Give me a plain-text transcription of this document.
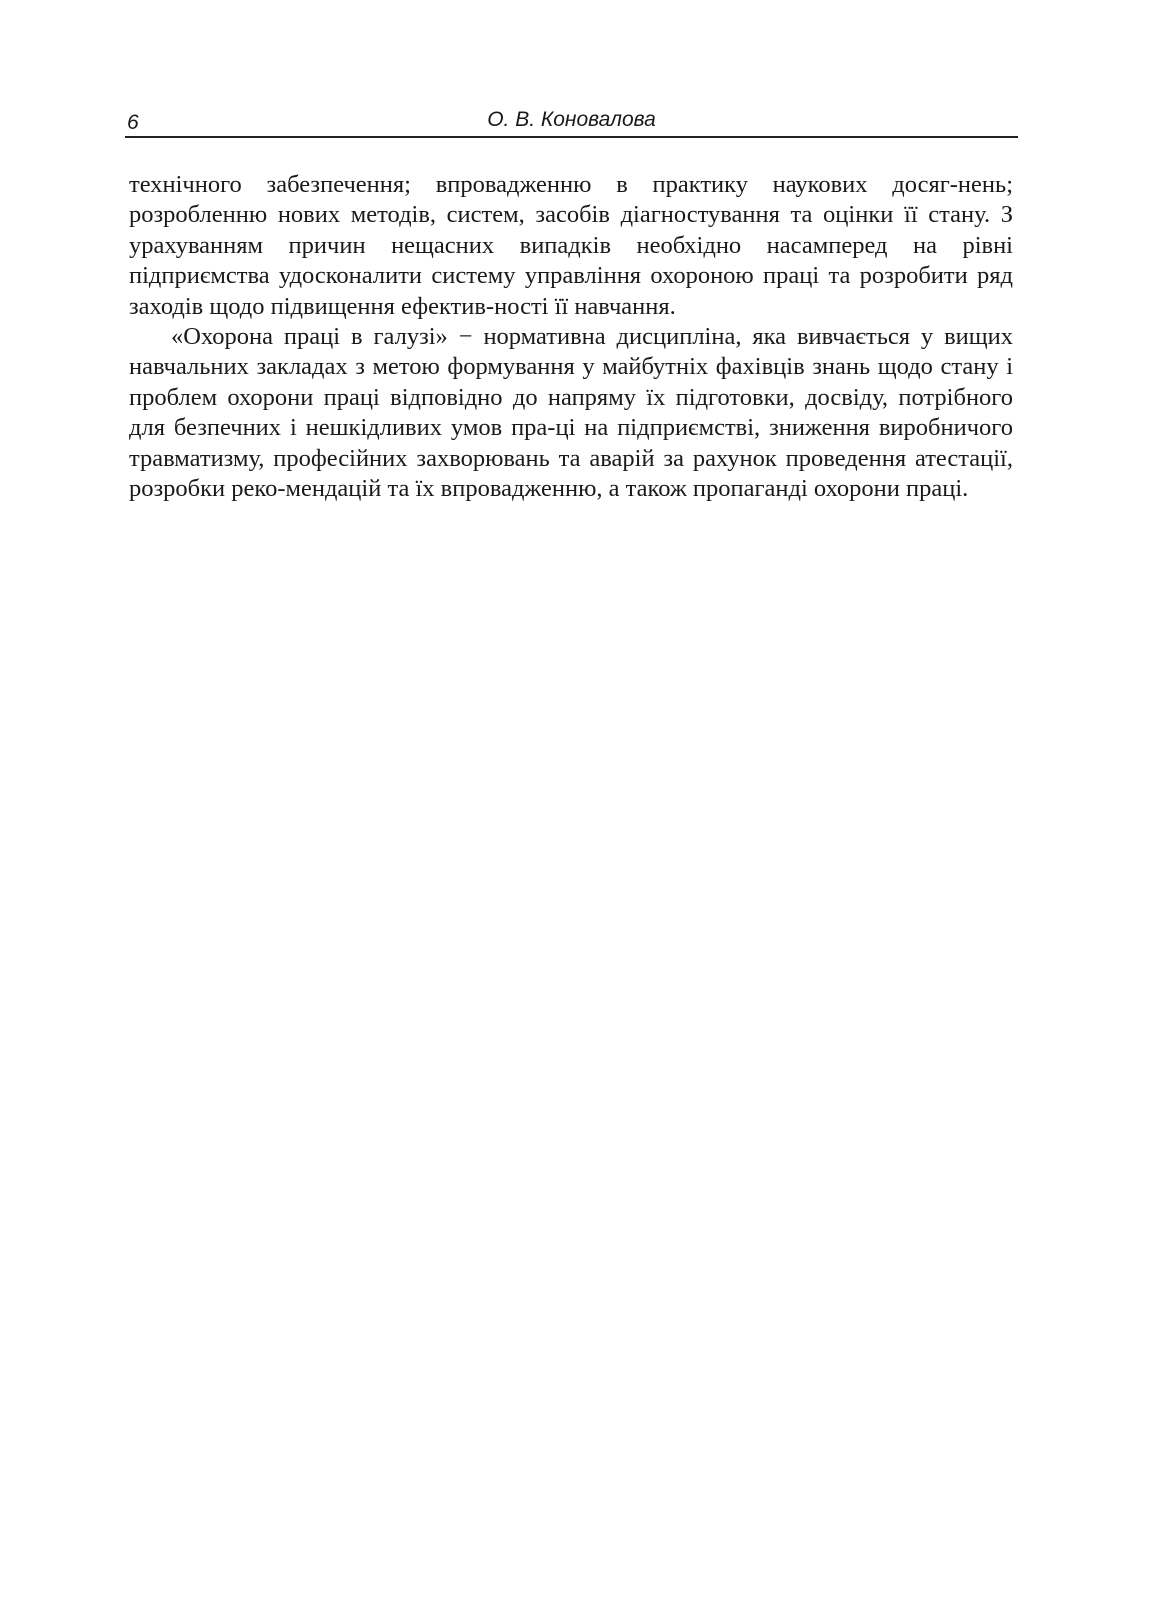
6	О. В. Коновалова

технічного забезпечення; впровадженню в практику наукових досяг-нень; розробленню нових методів, систем, засобів діагностування та оцінки її стану. З урахуванням причин нещасних випадків необхідно насамперед на рівні підприємства удосконалити систему управління охороною праці та розробити ряд заходів щодо підвищення ефектив-ності її навчання.

«Охорона праці в галузі» − нормативна дисципліна, яка вивчається у вищих навчальних закладах з метою формування у майбутніх фахівців знань щодо стану і проблем охорони праці відповідно до напряму їх підготовки, досвіду, потрібного для безпечних і нешкідливих умов пра-ці на підприємстві, зниження виробничого травматизму, професійних захворювань та аварій за рахунок проведення атестації, розробки реко-мендацій та їх впровадженню, а також пропаганді охорони праці.
